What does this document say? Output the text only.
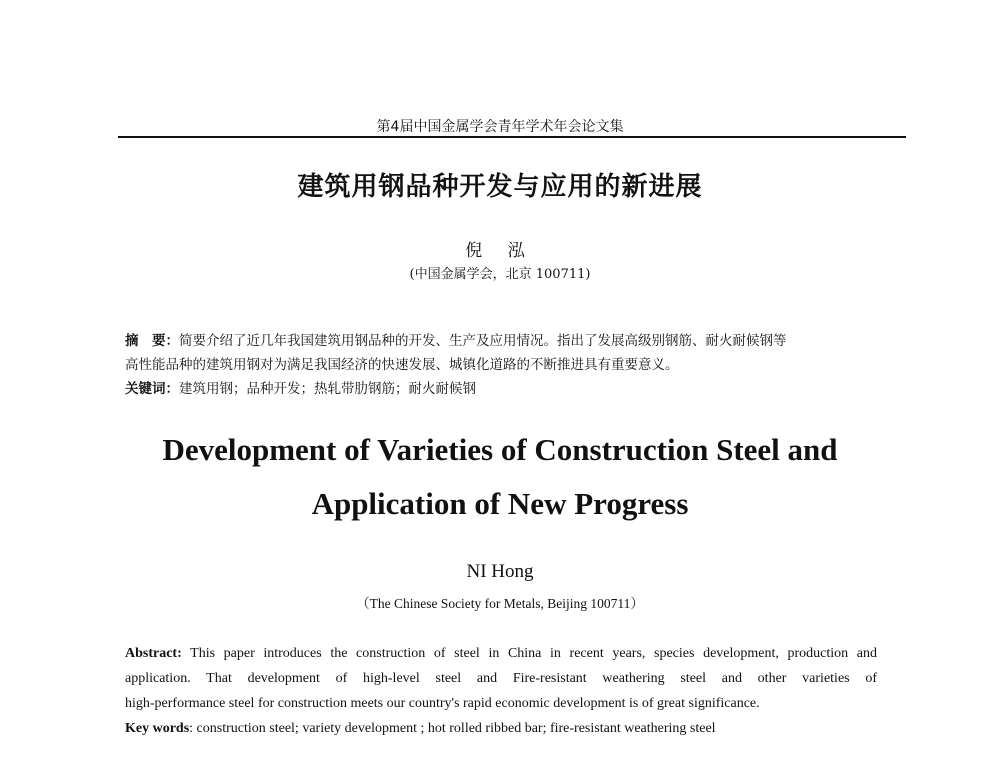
第4届中国金属学会青年学术年会论文集
建筑用钢品种开发与应用的新进展
倪 泓
(中国金属学会，北京 100711)
摘　要：简要介绍了近几年我国建筑用钢品种的开发、生产及应用情况。指出了发展高级别钢筋、耐火耐候钢等
高性能品种的建筑用钢对为满足我国经济的快速发展、城镇化道路的不断推进具有重要意义。
关键词：建筑用钢；品种开发；热轧带肋钢筋；耐火耐候钢
Development of Varieties of Construction Steel and
Application of New Progress
NI Hong
（The Chinese Society for Metals, Beijing 100711）
Abstract: This paper introduces the construction of steel in China in recent years, species development, production and
application. That development of high-level steel and Fire-resistant weathering steel and other varieties of
high-performance steel for construction meets our country's rapid economic development is of great significance.
Key words: construction steel; variety development ; hot rolled ribbed bar; fire-resistant weathering steel
